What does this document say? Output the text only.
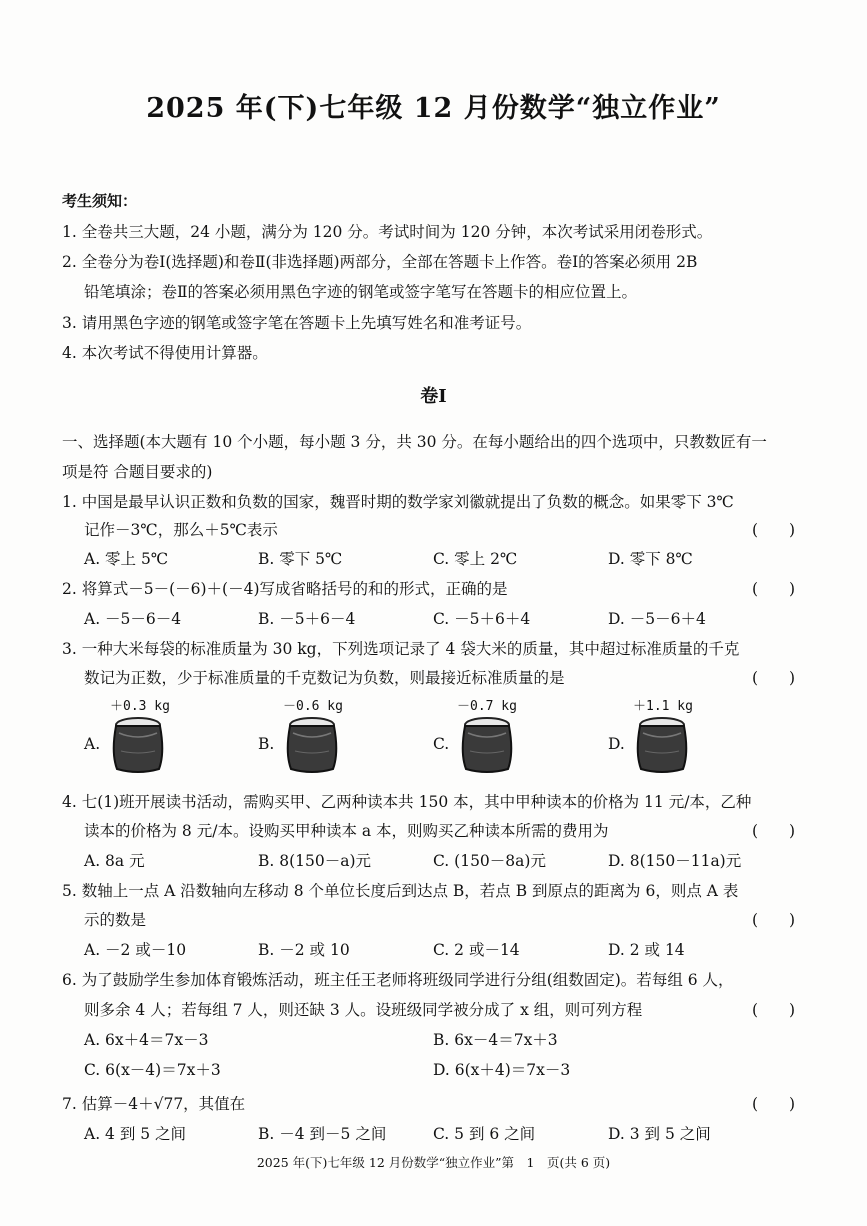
2025 年(下)七年级 12 月份数学“独立作业”
考生须知：
1. 全卷共三大题，24 小题，满分为 120 分。考试时间为 120 分钟，本次考试采用闭卷形式。
2. 全卷分为卷Ⅰ(选择题)和卷Ⅱ(非选择题)两部分，全部在答题卡上作答。卷Ⅰ的答案必须用 2B
铅笔填涂；卷Ⅱ的答案必须用黑色字迹的钢笔或签字笔写在答题卡的相应位置上。
3. 请用黑色字迹的钢笔或签字笔在答题卡上先填写姓名和准考证号。
4. 本次考试不得使用计算器。
卷Ⅰ
一、选择题(本大题有 10 个小题，每小题 3 分，共 30 分。在每小题给出的四个选项中，只教数匠有一
项是符 合题目要求的)
1. 中国是最早认识正数和负数的国家，魏晋时期的数学家刘徽就提出了负数的概念。如果零下 3℃
记作－3℃，那么＋5℃表示	(　　)
A. 零上 5℃	B. 零下 5℃	C. 零上 2℃	D. 零下 8℃
2. 将算式－5－(－6)＋(－4)写成省略括号的和的形式，正确的是	(　　)
A. －5－6－4	B. －5＋6－4	C. －5＋6＋4	D. －5－6＋4
3. 一种大米每袋的标准质量为 30 kg，下列选项记录了 4 袋大米的质量，其中超过标准质量的千克
数记为正数，少于标准质量的千克数记为负数，则最接近标准质量的是	(　　)
＋0.3 kg	－0.6 kg	－0.7 kg	＋1.1 kg
A.	B.	C.	D.
4. 七(1)班开展读书活动，需购买甲、乙两种读本共 150 本，其中甲种读本的价格为 11 元/本，乙种
读本的价格为 8 元/本。设购买甲种读本 a 本，则购买乙种读本所需的费用为	(　　)
A. 8a 元	B. 8(150－a)元	C. (150－8a)元	D. 8(150－11a)元
5. 数轴上一点 A 沿数轴向左移动 8 个单位长度后到达点 B，若点 B 到原点的距离为 6，则点 A 表
示的数是	(　　)
A. －2 或－10	B. －2 或 10	C. 2 或－14	D. 2 或 14
6. 为了鼓励学生参加体育锻炼活动，班主任王老师将班级同学进行分组(组数固定)。若每组 6 人，
则多余 4 人；若每组 7 人，则还缺 3 人。设班级同学被分成了 x 组，则可列方程	(　　)
A. 6x＋4＝7x－3	B. 6x－4＝7x＋3
C. 6(x－4)＝7x＋3	D. 6(x＋4)＝7x－3
7. 估算－4＋√77，其值在	(　　)
A. 4 到 5 之间	B. －4 到－5 之间	C. 5 到 6 之间	D. 3 到 5 之间
2025 年(下)七年级 12 月份数学“独立作业”第　1　页(共 6 页)
